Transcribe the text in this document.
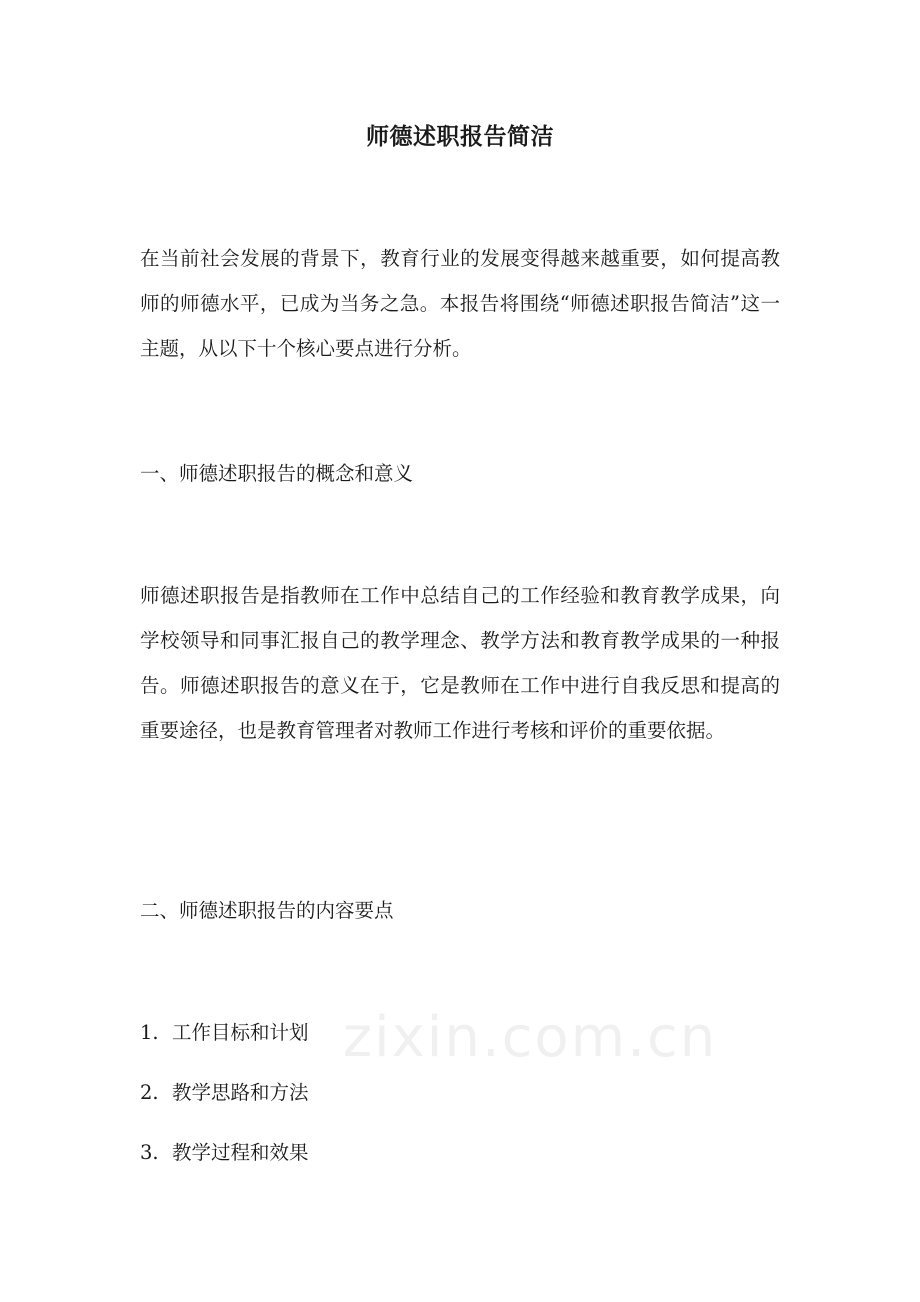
zixin.com.cn
师德述职报告简洁

在当前社会发展的背景下，教育行业的发展变得越来越重要，如何提高教师的师德水平，已成为当务之急。本报告将围绕“师德述职报告简洁”这一主题，从以下十个核心要点进行分析。

一、师德述职报告的概念和意义

师德述职报告是指教师在工作中总结自己的工作经验和教育教学成果，向学校领导和同事汇报自己的教学理念、教学方法和教育教学成果的一种报告。师德述职报告的意义在于，它是教师在工作中进行自我反思和提高的重要途径，也是教育管理者对教师工作进行考核和评价的重要依据。

二、师德述职报告的内容要点

1. 工作目标和计划
2. 教学思路和方法
3. 教学过程和效果
